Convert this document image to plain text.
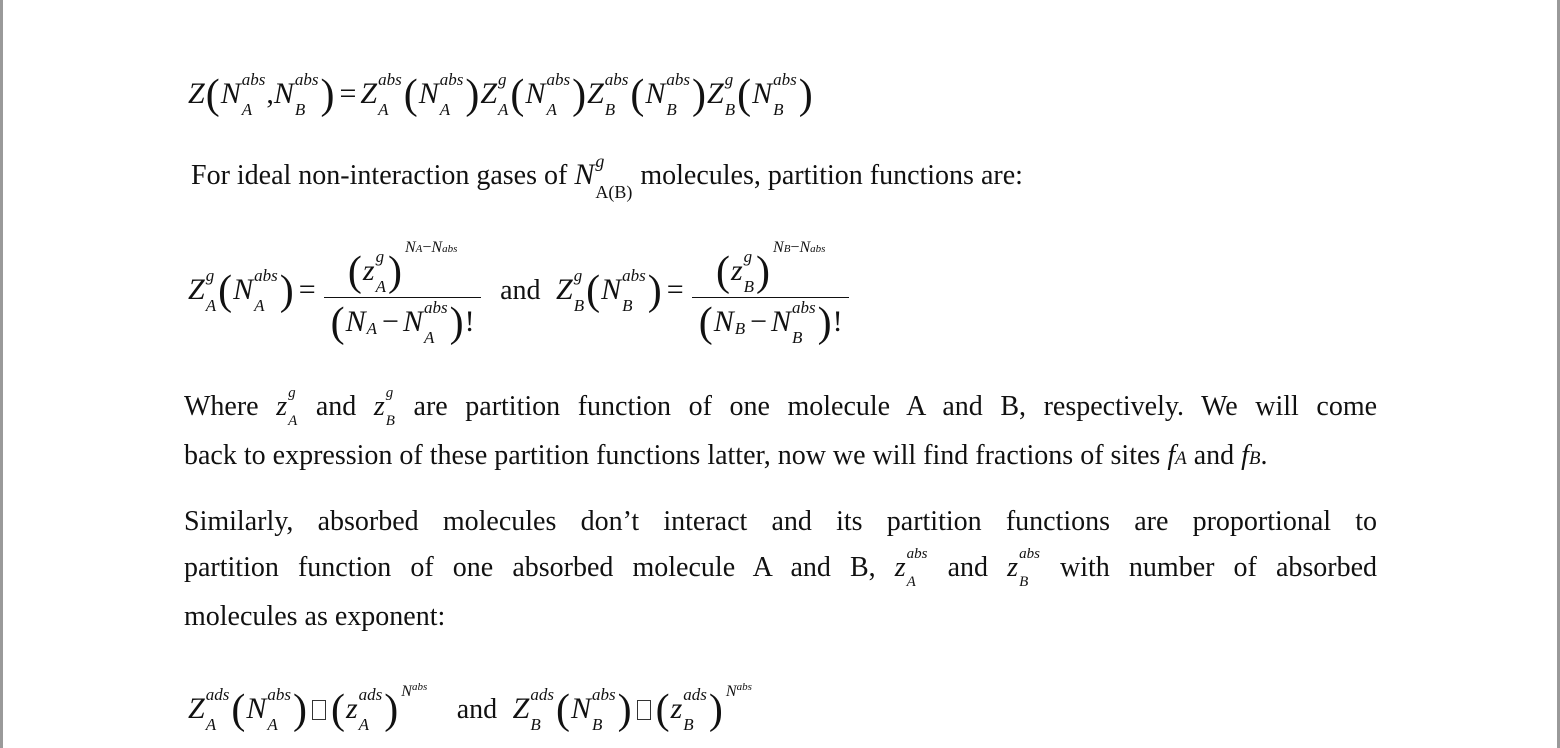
Z(N abs
A ,N abs
B ) = Z abs
A (N abs
A )Z g
A (N abs
A )Z abs
B (N abs
B )Z g
B (N abs
B )
For ideal non-interaction gases of N g
A(B)
molecules, partition functions are:
Z g
A (N abs
A ) = (z g
A )NA−Nabs
(N A − N abs
A )! and Z g
B (N abs
B ) = (z g
B )NB−Nabs
(N B − N abs
B )!
Where z g
A and z g
B are partition function of one molecule A and B, respectively. We will come
back to expression of these partition functions latter, now we will find fractions of sites fA and fB.
Similarly, absorbed molecules don’t interact and its partition functions are proportional to
partition function of one absorbed molecule A and B, z abs
A	and z abs
B	with number of absorbed
molecules as exponent:
Z ads
A (N abs
A ) (z ads
A ) $N^{abs}$ and Z ads
B (N abs
B ) (z ads
B ) $N^{abs}$
